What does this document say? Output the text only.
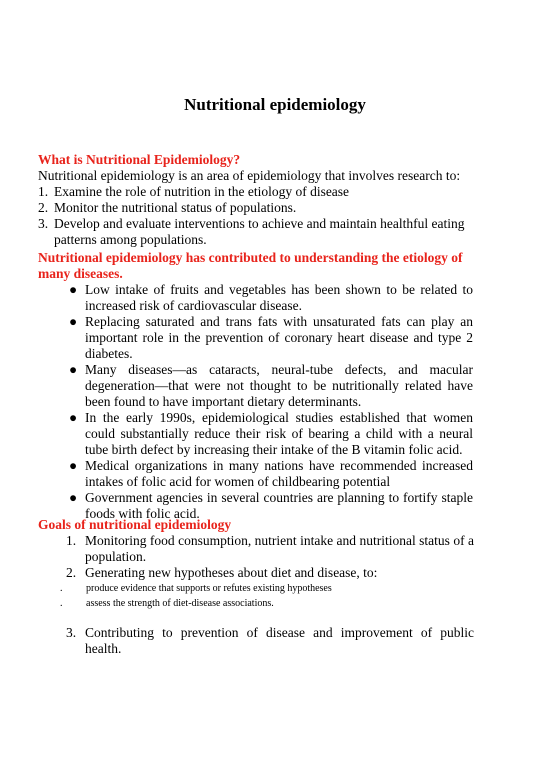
Nutritional epidemiology

What is Nutritional Epidemiology?

Nutritional epidemiology is an area of epidemiology that involves research to:

1. Examine the role of nutrition in the etiology of disease
2. Monitor the nutritional status of populations.
3. Develop and evaluate interventions to achieve and maintain healthful eating patterns among populations.

Nutritional epidemiology has contributed to understanding the etiology of many diseases.

● Low intake of fruits and vegetables has been shown to be related to increased risk of cardiovascular disease.
● Replacing saturated and trans fats with unsaturated fats can play an important role in the prevention of coronary heart disease and type 2 diabetes.
● Many diseases—as cataracts, neural-tube defects, and macular degeneration—that were not thought to be nutritionally related have been found to have important dietary determinants.
● In the early 1990s, epidemiological studies established that women could substantially reduce their risk of bearing a child with a neural tube birth defect by increasing their intake of the B vitamin folic acid.
● Medical organizations in many nations have recommended increased intakes of folic acid for women of childbearing potential
● Government agencies in several countries are planning to fortify staple foods with folic acid.

Goals of nutritional epidemiology

1. Monitoring food consumption, nutrient intake and nutritional status of a population.
2. Generating new hypotheses about diet and disease, to:
. produce evidence that supports or refutes existing hypotheses
. assess the strength of diet-disease associations.
3. Contributing to prevention of disease and improvement of public health.
